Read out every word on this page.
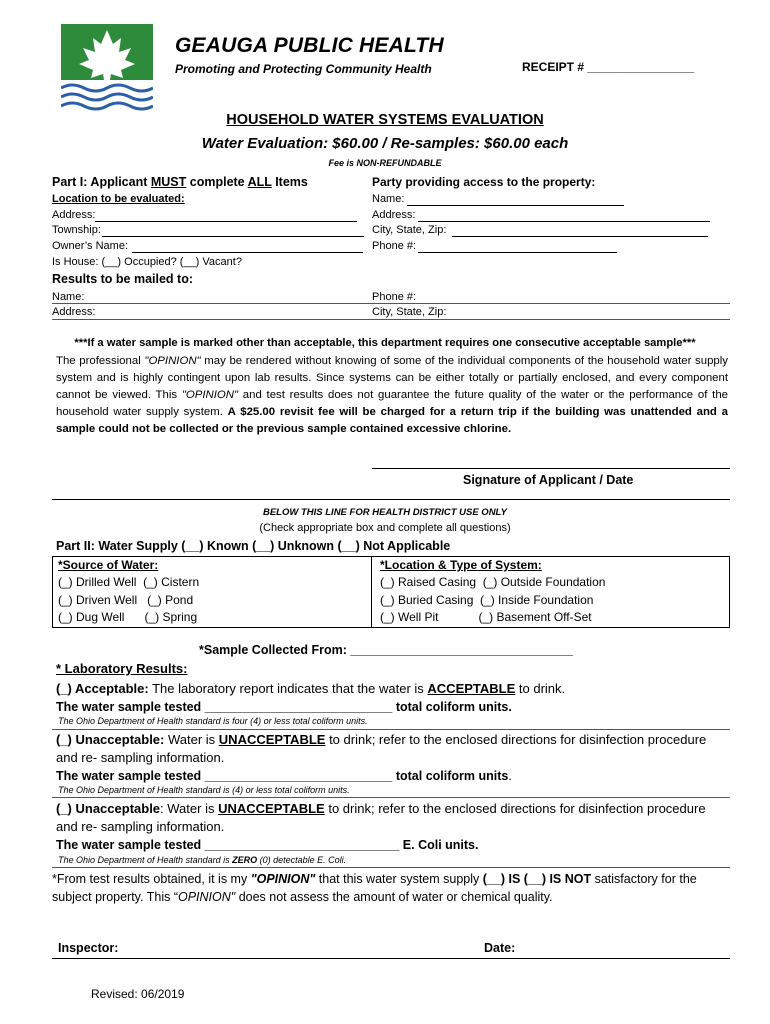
GEAUGA PUBLIC HEALTH
Promoting and Protecting Community Health	RECEIPT # ________________
HOUSEHOLD WATER SYSTEMS EVALUATION
Water Evaluation: $60.00 / Re-samples: $60.00 each
Fee is NON-REFUNDABLE
Part I: Applicant MUST complete ALL Items
Location to be evaluated:
Address:
Township:
Owner’s Name:
Is House: (__) Occupied? (__) Vacant?
Party providing access to the property:
Name:
Address:
City, State, Zip:
Phone #:
Results to be mailed to:
Name:	Phone #:
Address:	City, State, Zip:
***If a water sample is marked other than acceptable, this department requires one consecutive acceptable sample***
The professional "OPINION" may be rendered without knowing of some of the individual components of the household water supply system and is highly contingent upon lab results. Since systems can be either totally or partially enclosed, and every component cannot be viewed. This "OPINION" and test results does not guarantee the future quality of the water or the performance of the household water supply system. A $25.00 revisit fee will be charged for a return trip if the building was unattended and a sample could not be collected or the previous sample contained excessive chlorine.
Signature of Applicant / Date
BELOW THIS LINE FOR HEALTH DISTRICT USE ONLY
(Check appropriate box and complete all questions)
Part II: Water Supply (__) Known (__) Unknown (__) Not Applicable
*Source of Water:
(_) Drilled Well  (_) Cistern
(_) Driven Well   (_) Pond
(_) Dug Well      (_) Spring
*Location & Type of System:
(_) Raised Casing  (_) Outside Foundation
(_) Buried Casing  (_) Inside Foundation
(_) Well Pit            (_) Basement Off-Set
*Sample Collected From: ________________________________
* Laboratory Results:
(_) Acceptable: The laboratory report indicates that the water is ACCEPTABLE to drink.
The water sample tested ___________________________ total coliform units.
The Ohio Department of Health standard is four (4) or less total coliform units.
(_) Unacceptable: Water is UNACCEPTABLE to drink; refer to the enclosed directions for disinfection procedure and re- sampling information.
The water sample tested ___________________________ total coliform units.
The Ohio Department of Health standard is (4) or less total coliform units.
(_) Unacceptable: Water is UNACCEPTABLE to drink; refer to the enclosed directions for disinfection procedure and re- sampling information.
The water sample tested ____________________________ E. Coli units.
The Ohio Department of Health standard is ZERO (0) detectable E. Coli.
*From test results obtained, it is my "OPINION" that this water system supply (__) IS (__) IS NOT satisfactory for the subject property. This “OPINION" does not assess the amount of water or chemical quality.
Inspector:	Date:
Revised: 06/2019
